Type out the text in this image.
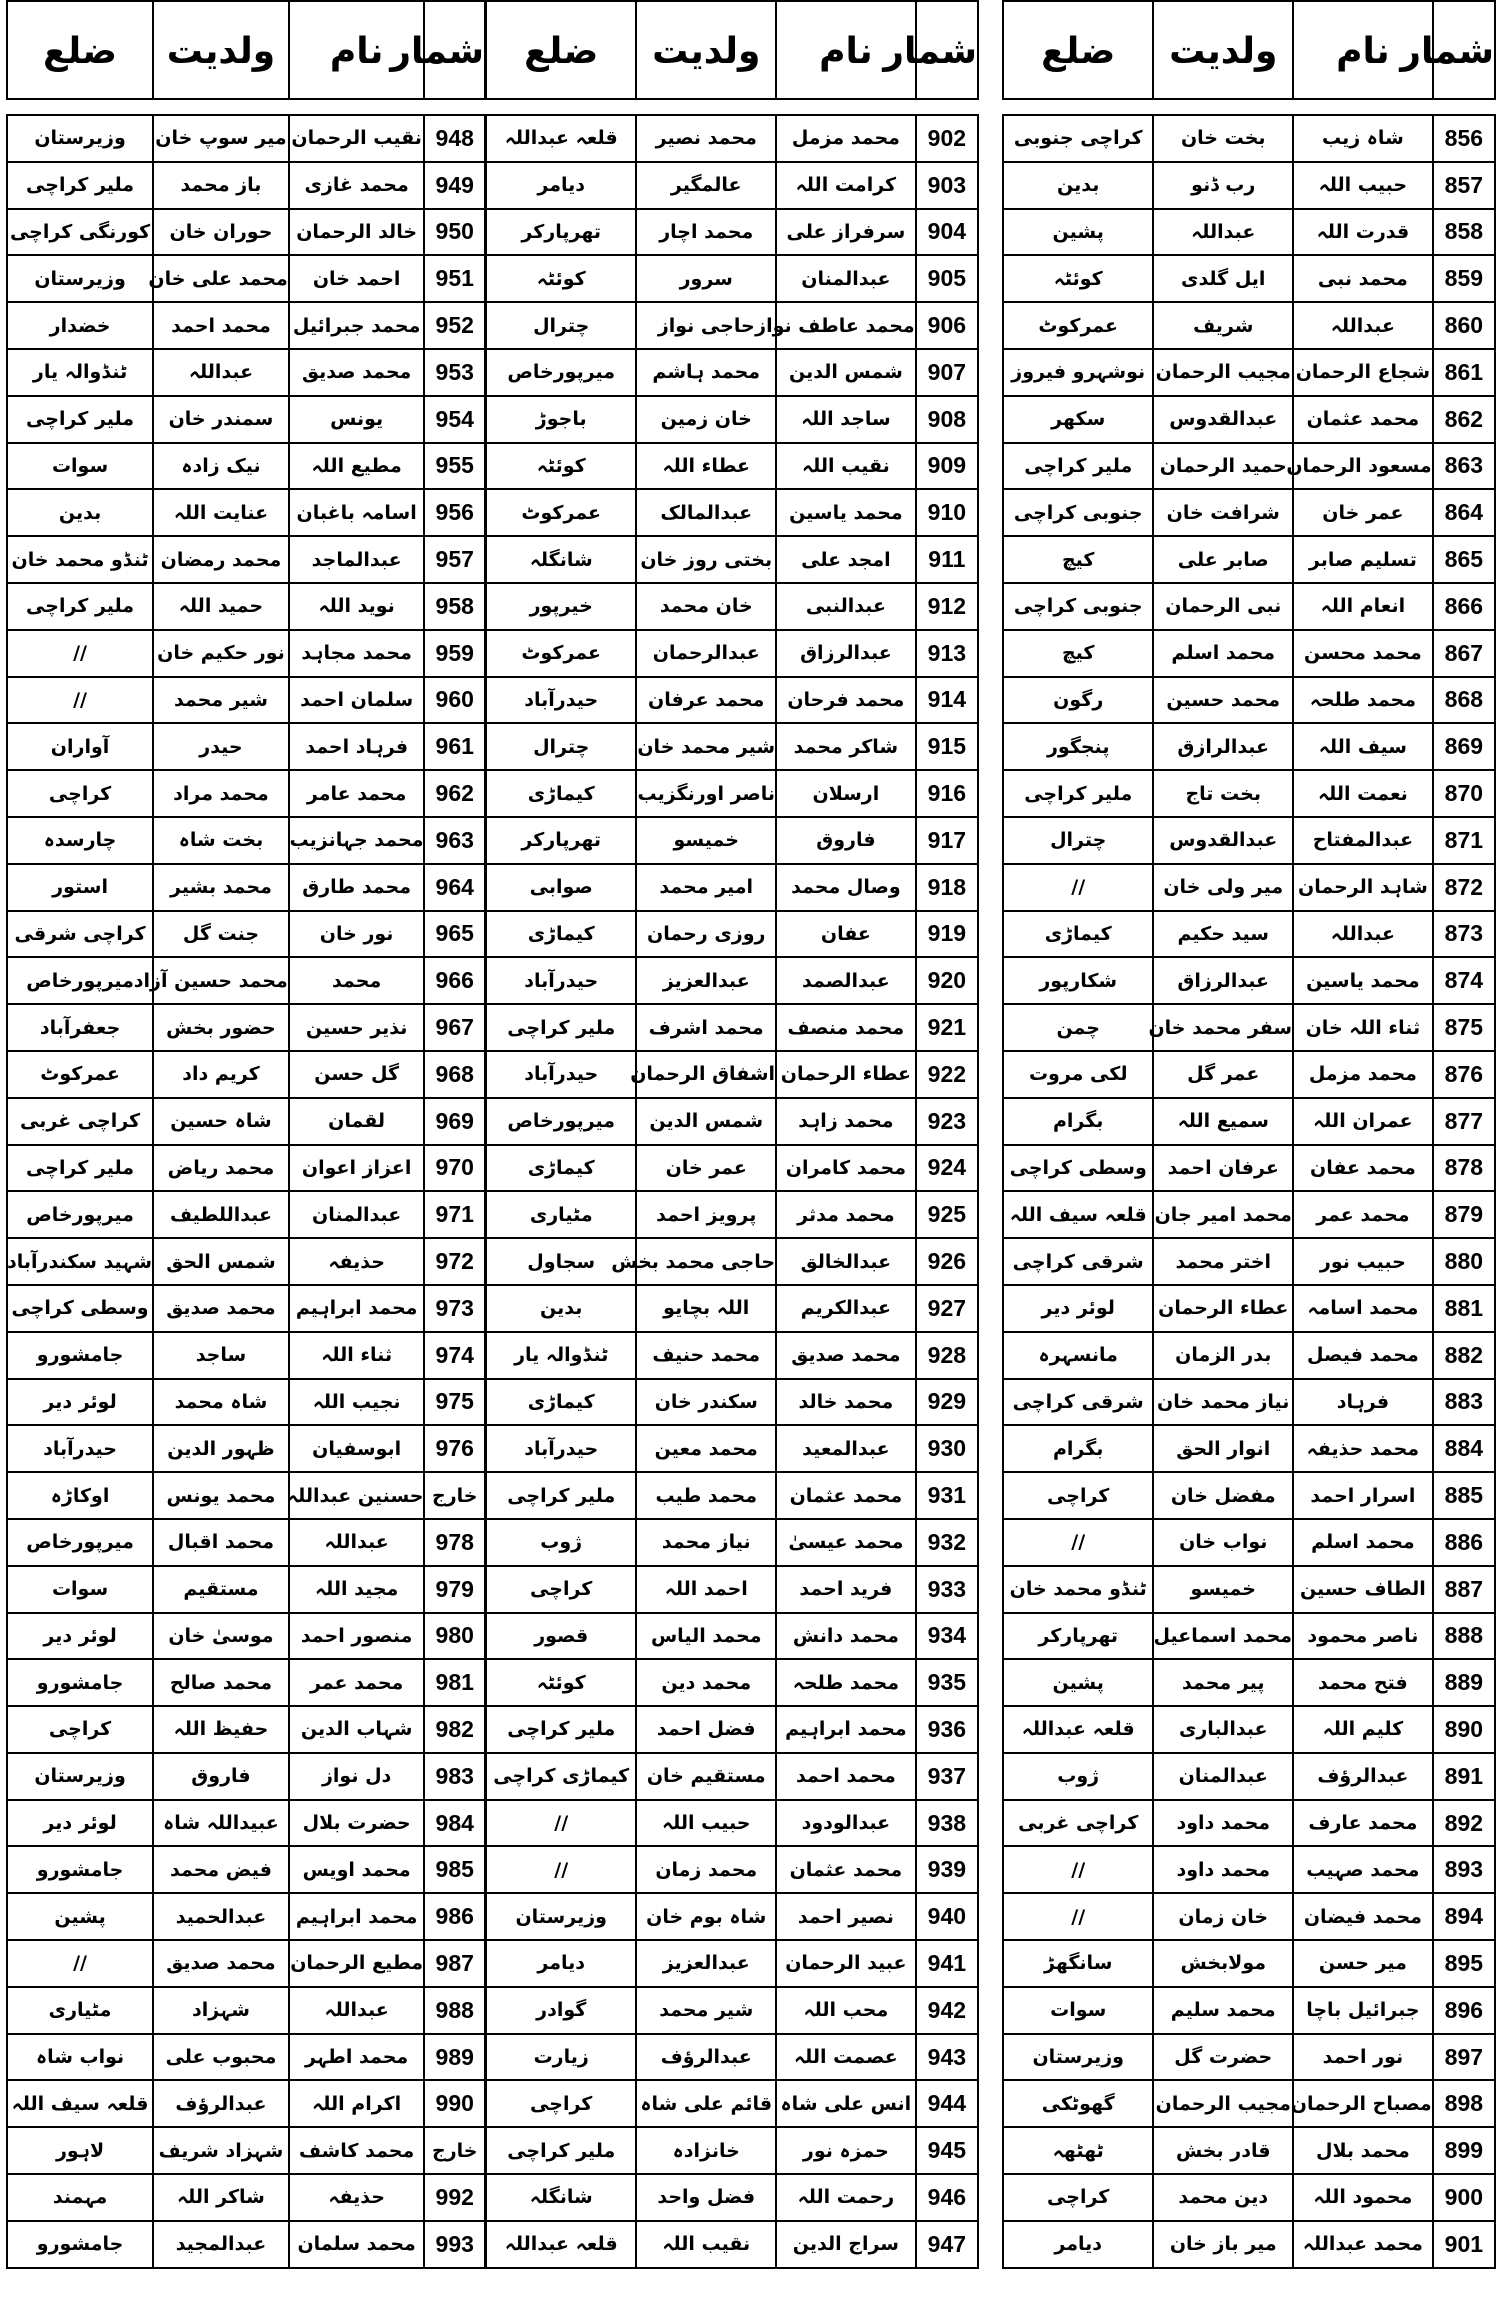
شمار	نام	ولدیت	ضلع

856	شاہ زیب	بخت خان	کراچی جنوبی
857	حبیب اللہ	رب ڈنو	بدین
858	قدرت اللہ	عبداللہ	پشین
859	محمد نبی	ایل گلدی	کوئٹہ
860	عبداللہ	شریف	عمرکوٹ
861	شجاع الرحمان	مجیب الرحمان	نوشہرو فیروز
862	محمد عثمان	عبدالقدوس	سکھر
863	مسعود الرحمان	حمید الرحمان	ملیر کراچی
864	عمر خان	شرافت خان	جنوبی کراچی
865	تسلیم صابر	صابر علی	کیچ
866	انعام اللہ	نبی الرحمان	جنوبی کراچی
867	محمد محسن	محمد اسلم	کیچ
868	محمد طلحہ	محمد حسین	رگون
869	سیف اللہ	عبدالرازق	پنجگور
870	نعمت اللہ	بخت تاج	ملیر کراچی
871	عبدالمفتاح	عبدالقدوس	چترال
872	شاہد الرحمان	میر ولی خان	//
873	عبداللہ	سید حکیم	کیماڑی
874	محمد یاسین	عبدالرزاق	شکارپور
875	ثناء اللہ خان	سفر محمد خان	چمن
876	محمد مزمل	عمر گل	لکی مروت
877	عمران اللہ	سمیع اللہ	بگرام
878	محمد عفان	عرفان احمد	وسطی کراچی
879	محمد عمر	محمد امیر جان	قلعہ سیف اللہ
880	حبیب نور	اختر محمد	شرقی کراچی
881	محمد اسامہ	عطاء الرحمان	لوئر دیر
882	محمد فیصل	بدر الزمان	مانسہرہ
883	فرہاد	نیاز محمد خان	شرقی کراچی
884	محمد حذیفہ	انوار الحق	بگرام
885	اسرار احمد	مفضل خان	کراچی
886	محمد اسلم	نواب خان	//
887	الطاف حسین	خمیسو	ٹنڈو محمد خان
888	ناصر محمود	محمد اسماعیل	تھرپارکر
889	فتح محمد	پیر محمد	پشین
890	کلیم اللہ	عبدالباری	قلعہ عبداللہ
891	عبدالرؤف	عبدالمنان	ژوب
892	محمد عارف	محمد داود	کراچی غربی
893	محمد صہیب	محمد داود	//
894	محمد فیضان	خان زمان	//
895	میر حسن	مولابخش	سانگھڑ
896	جبرائیل باچا	محمد سلیم	سوات
897	نور احمد	حضرت گل	وزیرستان
898	مصباح الرحمان	مجیب الرحمان	گھوٹکی
899	محمد بلال	قادر بخش	ٹھٹھہ
900	محمود اللہ	دین محمد	کراچی
901	محمد عبداللہ	میر باز خان	دیامر
شمار	نام	ولدیت	ضلع

902	محمد مزمل	محمد نصیر	قلعہ عبداللہ
903	کرامت اللہ	عالمگیر	دیامر
904	سرفراز علی	محمد اچار	تھرپارکر
905	عبدالمنان	سرور	کوئٹہ
906	محمد عاطف نواز	حاجی نواز	چترال
907	شمس الدین	محمد ہاشم	میرپورخاص
908	ساجد اللہ	خان زمین	باجوڑ
909	نقیب اللہ	عطاء اللہ	کوئٹہ
910	محمد یاسین	عبدالمالک	عمرکوٹ
911	امجد علی	بختی روز خان	شانگلہ
912	عبدالنبی	خان محمد	خیرپور
913	عبدالرزاق	عبدالرحمان	عمرکوٹ
914	محمد فرحان	محمد عرفان	حیدرآباد
915	شاکر محمد	شیر محمد خان	چترال
916	ارسلان	ناصر اورنگزیب	کیماڑی
917	فاروق	خمیسو	تھرپارکر
918	وصال محمد	امیر محمد	صوابی
919	عفان	روزی رحمان	کیماڑی
920	عبدالصمد	عبدالعزیز	حیدرآباد
921	محمد منصف	محمد اشرف	ملیر کراچی
922	عطاء الرحمان	اشفاق الرحمان	حیدرآباد
923	محمد زاہد	شمس الدین	میرپورخاص
924	محمد کامران	عمر خان	کیماڑی
925	محمد مدثر	پرویز احمد	مٹیاری
926	عبدالخالق	حاجی محمد بخش	سجاول
927	عبدالکریم	اللہ بچایو	بدین
928	محمد صدیق	محمد حنیف	ٹنڈوالہ یار
929	محمد خالد	سکندر خان	کیماڑی
930	عبدالمعید	محمد معین	حیدرآباد
931	محمد عثمان	محمد طیب	ملیر کراچی
932	محمد عیسیٰ	نیاز محمد	ژوب
933	فرید احمد	احمد اللہ	کراچی
934	محمد دانش	محمد الیاس	قصور
935	محمد طلحہ	محمد دین	کوئٹہ
936	محمد ابراہیم	فضل احمد	ملیر کراچی
937	محمد احمد	مستقیم خان	کیماڑی کراچی
938	عبدالودود	حبیب اللہ	//
939	محمد عثمان	محمد زمان	//
940	نصیر احمد	شاہ بوم خان	وزیرستان
941	عبید الرحمان	عبدالعزیز	دیامر
942	محب اللہ	شیر محمد	گوادر
943	عصمت اللہ	عبدالرؤف	زیارت
944	انس علی شاہ	قائم علی شاہ	کراچی
945	حمزہ نور	خانزادہ	ملیر کراچی
946	رحمت اللہ	فضل واحد	شانگلہ
947	سراج الدین	نقیب اللہ	قلعہ عبداللہ
شمار	نام	ولدیت	ضلع

948	نقیب الرحمان	میر سوپ خان	وزیرستان
949	محمد غازی	باز محمد	ملیر کراچی
950	خالد الرحمان	حوران خان	کورنگی کراچی
951	احمد خان	محمد علی خان	وزیرستان
952	محمد جبرائیل	محمد احمد	خضدار
953	محمد صدیق	عبداللہ	ٹنڈوالہ یار
954	یونس	سمندر خان	ملیر کراچی
955	مطیع اللہ	نیک زادہ	سوات
956	اسامہ باغبان	عنایت اللہ	بدین
957	عبدالماجد	محمد رمضان	ٹنڈو محمد خان
958	نوید اللہ	حمید اللہ	ملیر کراچی
959	محمد مجاہد	نور حکیم خان	//
960	سلمان احمد	شیر محمد	//
961	فرہاد احمد	حیدر	آواران
962	محمد عامر	محمد مراد	کراچی
963	محمد جہانزیب	بخت شاہ	چارسدہ
964	محمد طارق	محمد بشیر	استور
965	نور خان	جنت گل	کراچی شرقی
966	محمد	محمد حسین آزاد	میرپورخاص
967	نذیر حسین	حضور بخش	جعفرآباد
968	گل حسن	کریم داد	عمرکوٹ
969	لقمان	شاہ حسین	کراچی غربی
970	اعزاز اعوان	محمد ریاض	ملیر کراچی
971	عبدالمنان	عبداللطیف	میرپورخاص
972	حذیفہ	شمس الحق	شہید سکندرآباد
973	محمد ابراہیم	محمد صدیق	وسطی کراچی
974	ثناء اللہ	ساجد	جامشورو
975	نجیب اللہ	شاہ محمد	لوئر دیر
976	ابوسفیان	ظہور الدین	حیدرآباد
خارج	حسنین عبداللہ	محمد یونس	اوکاڑہ
978	عبداللہ	محمد اقبال	میرپورخاص
979	مجید اللہ	مستقیم	سوات
980	منصور احمد	موسیٰ خان	لوئر دیر
981	محمد عمر	محمد صالح	جامشورو
982	شہاب الدین	حفیظ اللہ	کراچی
983	دل نواز	فاروق	وزیرستان
984	حضرت بلال	عبیداللہ شاہ	لوئر دیر
985	محمد اویس	فیض محمد	جامشورو
986	محمد ابراہیم	عبدالحمید	پشین
987	مطیع الرحمان	محمد صدیق	//
988	عبداللہ	شہزاد	مٹیاری
989	محمد اطہر	محبوب علی	نواب شاہ
990	اکرام اللہ	عبدالرؤف	قلعہ سیف اللہ
خارج	محمد کاشف	شہزاد شریف	لاہور
992	حذیفہ	شاکر اللہ	مہمند
993	محمد سلمان	عبدالمجید	جامشورو
